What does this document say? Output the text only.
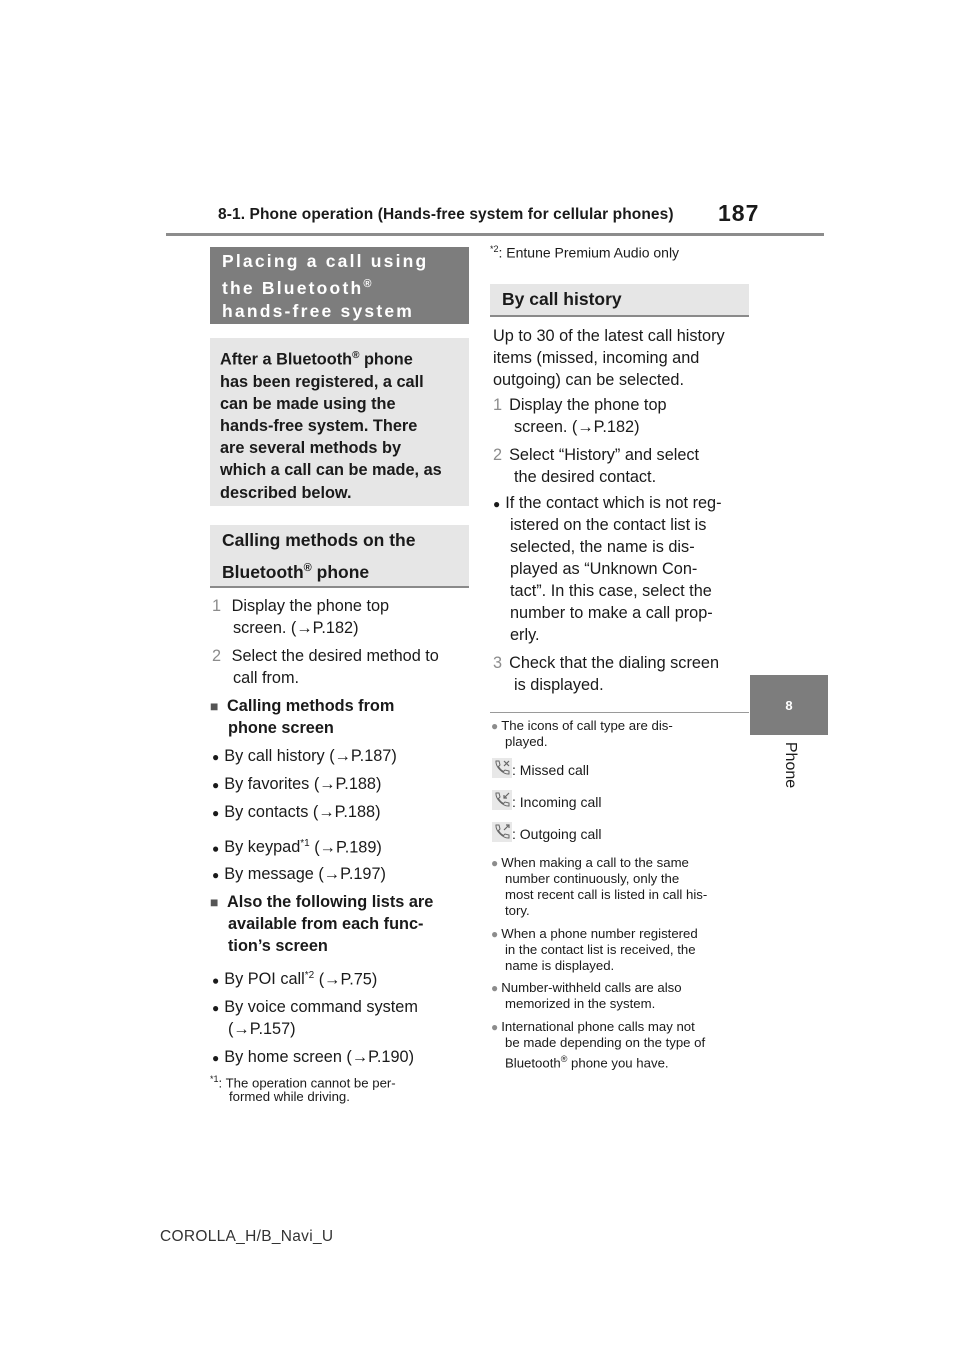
8-1. Phone operation (Hands-free system for cellular phones) 187
8
Phone
Placing a call using
the Bluetooth®
hands-free system
After a Bluetooth® phone
has been registered, a call
can be made using the
hands-free system. There
are several methods by
which a call can be made, as
described below.
Calling methods on the
Bluetooth® phone
1 Display the phone top
screen. (→P.182)
2 Select the desired method to
call from.
■ Calling methods from
phone screen
● By call history (→P.187)
● By favorites (→P.188)
● By contacts (→P.188)
● By keypad$^{*1}$ (→P.189)
● By message (→P.197)
■ Also the following lists are
available from each func-
tion’s screen
● By POI call$^{*2}$ (→P.75)
● By voice command system
(→P.157)
● By home screen (→P.190)
$^{*1}$: The operation cannot be per-
formed while driving.
$^{*2}$: Entune Premium Audio only
By call history
Up to 30 of the latest call history
items (missed, incoming and
outgoing) can be selected.
1 Display the phone top
screen. (→P.182)
2 Select “History” and select
the desired contact.
● If the contact which is not reg-
istered on the contact list is
selected, the name is dis-
played as “Unknown Con-
tact”. In this case, select the
number to make a call prop-
erly.
3 Check that the dialing screen
is displayed.
● The icons of call type are dis-
played.
: Missed call
: Incoming call
: Outgoing call
● When making a call to the same
number continuously, only the
most recent call is listed in call his-
tory.
● When a phone number registered
in the contact list is received, the
name is displayed.
● Number-withheld calls are also
memorized in the system.
● International phone calls may not
be made depending on the type of
Bluetooth® phone you have.
COROLLA_H/B_Navi_U
